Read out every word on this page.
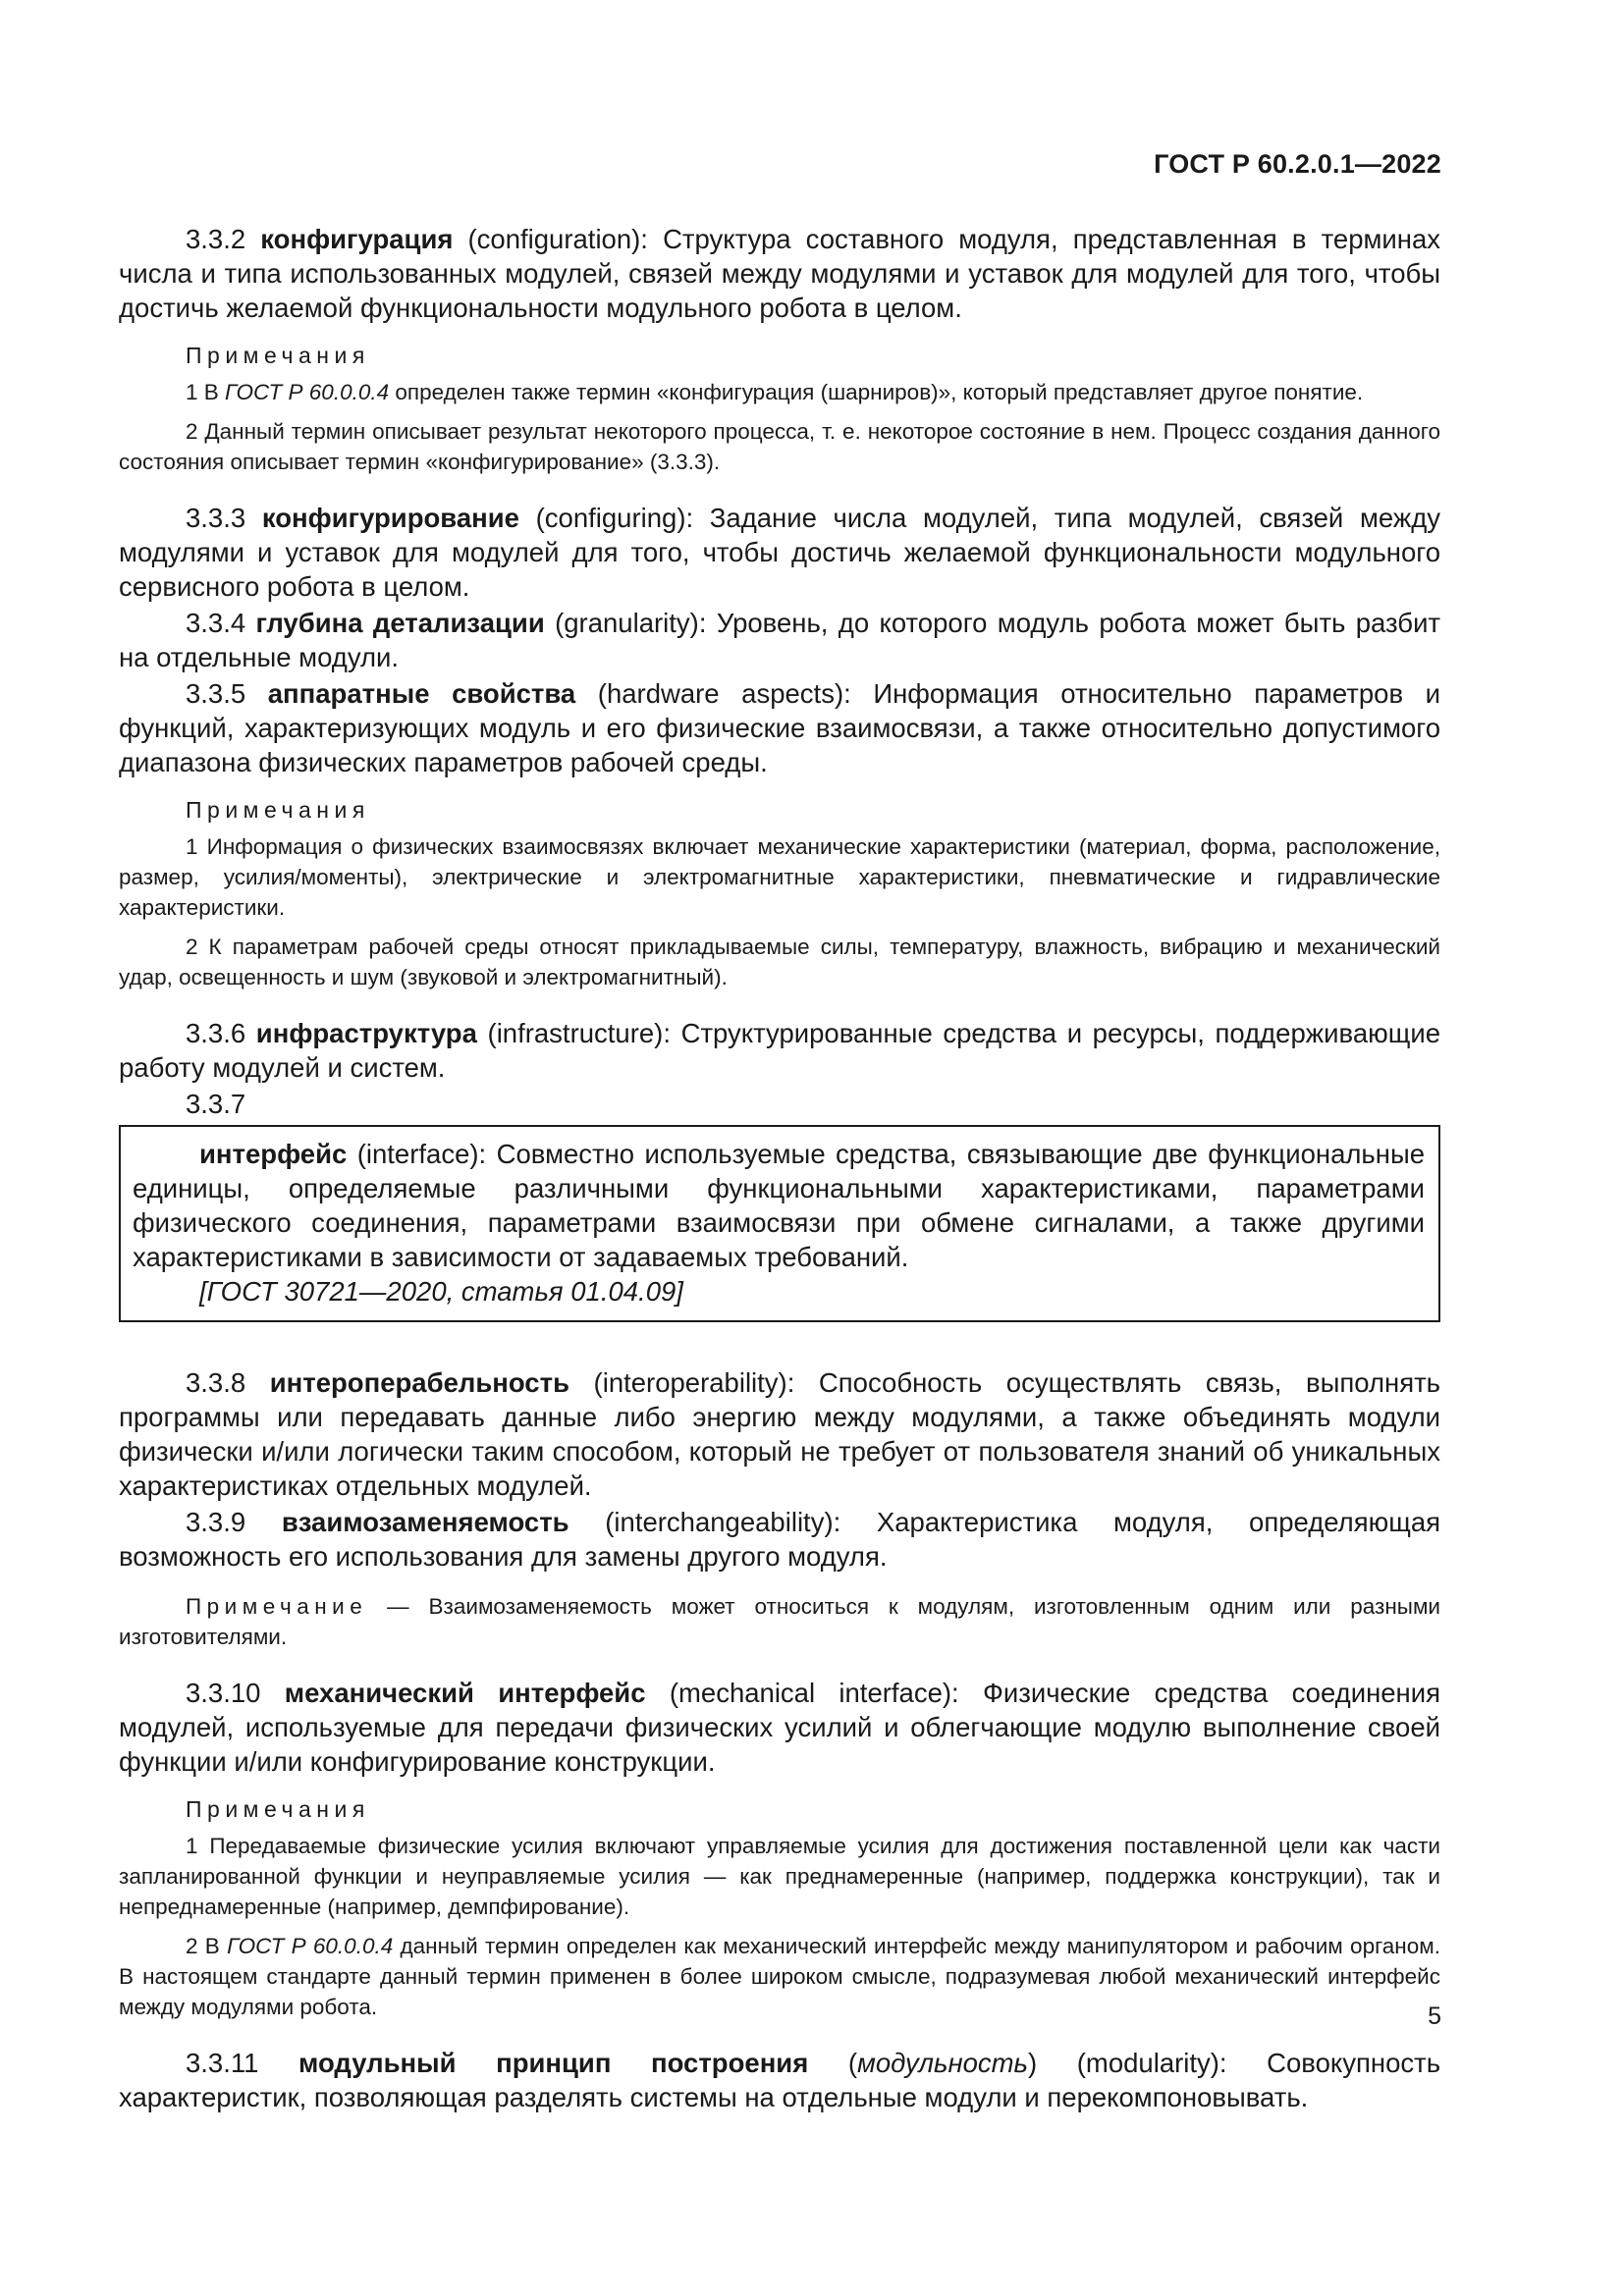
ГОСТ Р 60.2.0.1—2022

3.3.2 конфигурация (configuration): Структура составного модуля, представленная в терминах числа и типа использованных модулей, связей между модулями и уставок для модулей для того, чтобы достичь желаемой функциональности модульного робота в целом.

Примечания

1 В ГОСТ Р 60.0.0.4 определен также термин «конфигурация (шарниров)», который представляет другое понятие.

2 Данный термин описывает результат некоторого процесса, т. е. некоторое состояние в нем. Процесс создания данного состояния описывает термин «конфигурирование» (3.3.3).

3.3.3 конфигурирование (configuring): Задание числа модулей, типа модулей, связей между модулями и уставок для модулей для того, чтобы достичь желаемой функциональности модульного сервисного робота в целом.

3.3.4 глубина детализации (granularity): Уровень, до которого модуль робота может быть разбит на отдельные модули.

3.3.5 аппаратные свойства (hardware aspects): Информация относительно параметров и функций, характеризующих модуль и его физические взаимосвязи, а также относительно допустимого диапазона физических параметров рабочей среды.

Примечания

1 Информация о физических взаимосвязях включает механические характеристики (материал, форма, расположение, размер, усилия/моменты), электрические и электромагнитные характеристики, пневматические и гидравлические характеристики.

2 К параметрам рабочей среды относят прикладываемые силы, температуру, влажность, вибрацию и механический удар, освещенность и шум (звуковой и электромагнитный).

3.3.6 инфраструктура (infrastructure): Структурированные средства и ресурсы, поддерживающие работу модулей и систем.

3.3.7

интерфейс (interface): Совместно используемые средства, связывающие две функциональные единицы, определяемые различными функциональными характеристиками, параметрами физического соединения, параметрами взаимосвязи при обмене сигналами, а также другими характеристиками в зависимости от задаваемых требований.

[ГОСТ 30721—2020, статья 01.04.09]

3.3.8 интероперабельность (interoperability): Способность осуществлять связь, выполнять программы или передавать данные либо энергию между модулями, а также объединять модули физически и/или логически таким способом, который не требует от пользователя знаний об уникальных характеристиках отдельных модулей.

3.3.9 взаимозаменяемость (interchangeability): Характеристика модуля, определяющая возможность его использования для замены другого модуля.

Примечание — Взаимозаменяемость может относиться к модулям, изготовленным одним или разными изготовителями.

3.3.10 механический интерфейс (mechanical interface): Физические средства соединения модулей, используемые для передачи физических усилий и облегчающие модулю выполнение своей функции и/или конфигурирование конструкции.

Примечания

1 Передаваемые физические усилия включают управляемые усилия для достижения поставленной цели как части запланированной функции и неуправляемые усилия — как преднамеренные (например, поддержка конструкции), так и непреднамеренные (например, демпфирование).

2 В ГОСТ Р 60.0.0.4 данный термин определен как механический интерфейс между манипулятором и рабочим органом. В настоящем стандарте данный термин применен в более широком смысле, подразумевая любой механический интерфейс между модулями робота.

3.3.11 модульный принцип построения (модульность) (modularity): Совокупность характеристик, позволяющая разделять системы на отдельные модули и перекомпоновывать.

5
